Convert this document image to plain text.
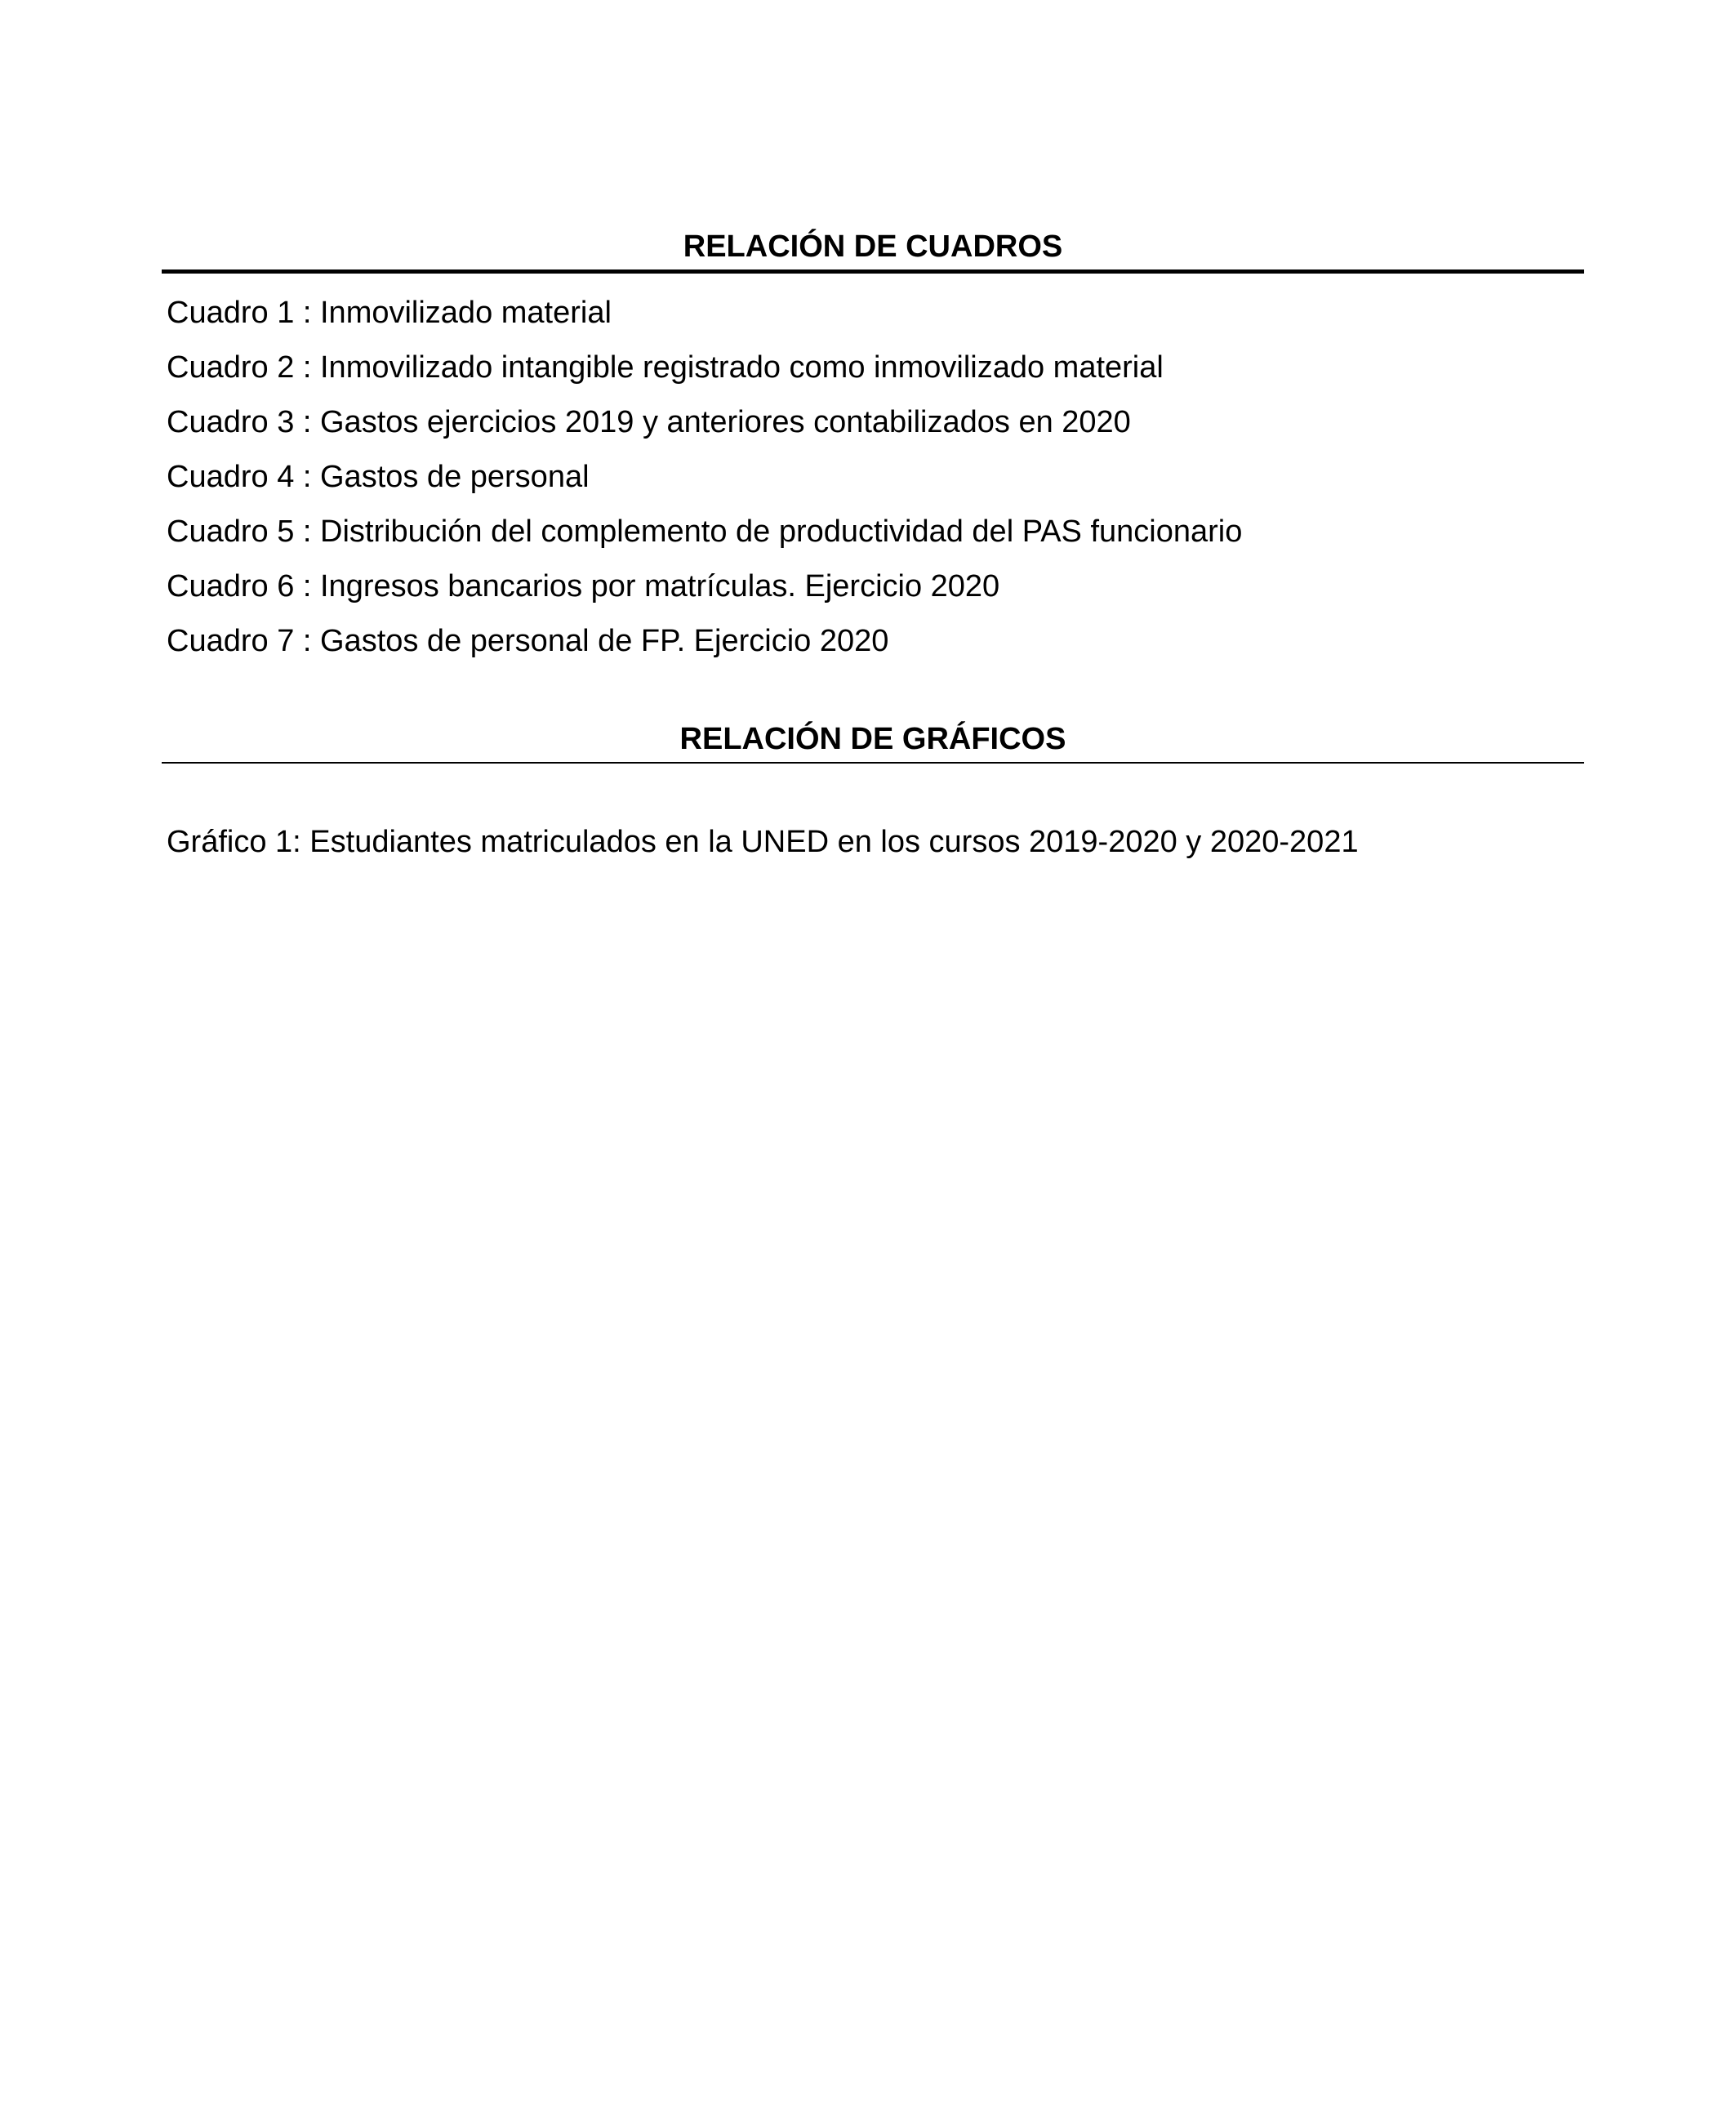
RELACIÓN DE CUADROS
Cuadro 1 : Inmovilizado material
Cuadro 2 : Inmovilizado intangible registrado como inmovilizado material
Cuadro 3 : Gastos ejercicios 2019 y anteriores contabilizados en 2020
Cuadro 4 : Gastos de personal
Cuadro 5 : Distribución del complemento de productividad del PAS funcionario
Cuadro 6 : Ingresos bancarios por matrículas. Ejercicio 2020
Cuadro 7 : Gastos de personal de FP. Ejercicio 2020
RELACIÓN DE GRÁFICOS
Gráfico 1: Estudiantes matriculados en la UNED en los cursos 2019-2020 y 2020-2021
